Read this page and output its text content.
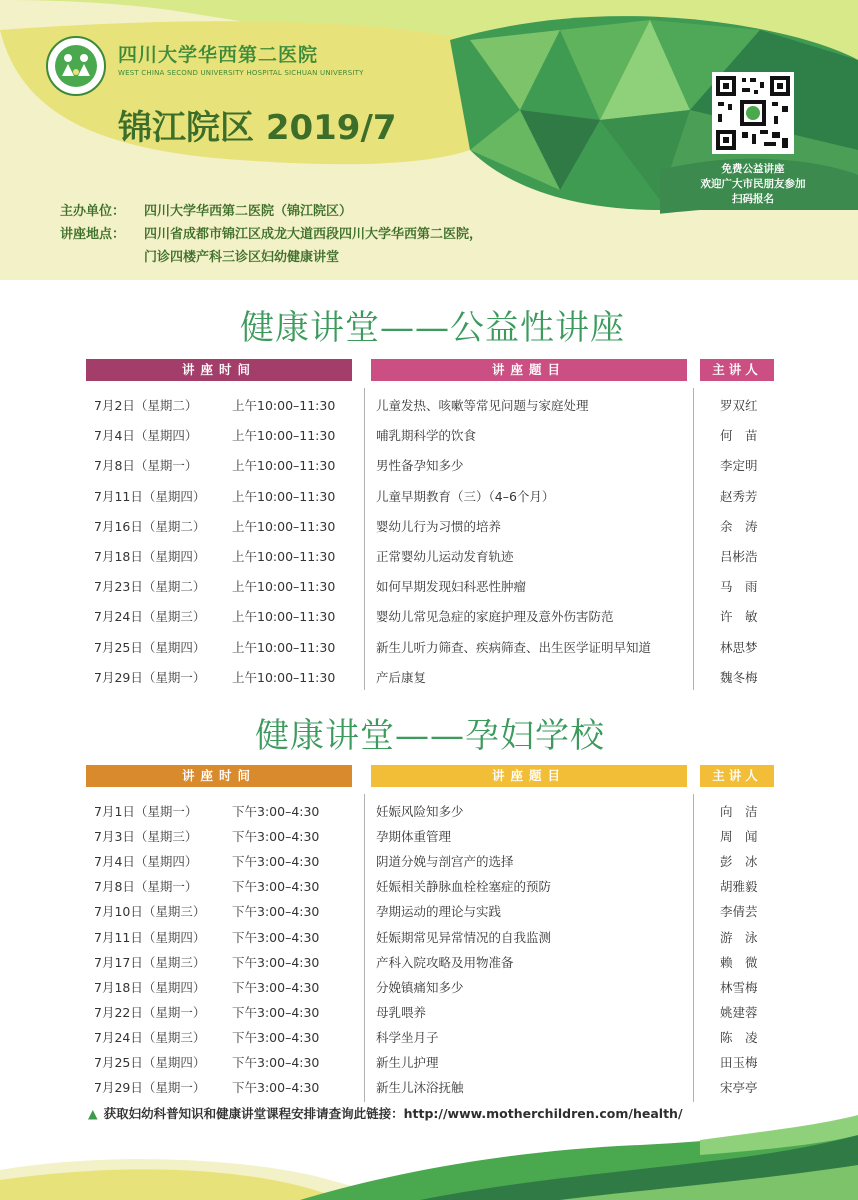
四川大学华西第二医院
WEST CHINA SECOND UNIVERSITY HOSPITAL SICHUAN UNIVERSITY
锦江院区 2019/7
免费公益讲座
欢迎广大市民朋友参加
扫码报名
主办单位：	四川大学华西第二医院（锦江院区）
讲座地点：	四川省成都市锦江区成龙大道西段四川大学华西第二医院，
门诊四楼产科三诊区妇幼健康讲堂
健康讲堂——公益性讲座
讲座时间	讲座题目	主讲人
7月2日（星期二）	上午10:00–11:30	儿童发热、咳嗽等常见问题与家庭处理	罗双红
7月4日（星期四）	上午10:00–11:30	哺乳期科学的饮食	何　苗
7月8日（星期一）	上午10:00–11:30	男性备孕知多少	李定明
7月11日（星期四） 上午10:00–11:30	儿童早期教育（三）（4–6个月）	赵秀芳
7月16日（星期二） 上午10:00–11:30	婴幼儿行为习惯的培养	余　涛
7月18日（星期四） 上午10:00–11:30	正常婴幼儿运动发育轨迹	吕彬浩
7月23日（星期二） 上午10:00–11:30	如何早期发现妇科恶性肿瘤	马　雨
7月24日（星期三） 上午10:00–11:30	婴幼儿常见急症的家庭护理及意外伤害防范	许　敏
7月25日（星期四） 上午10:00–11:30	新生儿听力筛查、疾病筛查、出生医学证明早知道	林思梦
7月29日（星期一） 上午10:00–11:30	产后康复	魏冬梅
健康讲堂——孕妇学校
讲座时间	讲座题目	主讲人
7月1日（星期一）	下午3:00–4:30	妊娠风险知多少	向　洁
7月3日（星期三）	下午3:00–4:30	孕期体重管理	周　闻
7月4日（星期四）	下午3:00–4:30	阴道分娩与剖宫产的选择	彭　冰
7月8日（星期一）	下午3:00–4:30	妊娠相关静脉血栓栓塞症的预防	胡雅毅
7月10日（星期三） 下午3:00–4:30	孕期运动的理论与实践	李倩芸
7月11日（星期四） 下午3:00–4:30	妊娠期常见异常情况的自我监测	游　泳
7月17日（星期三） 下午3:00–4:30	产科入院攻略及用物准备	赖　微
7月18日（星期四） 下午3:00–4:30	分娩镇痛知多少	林雪梅
7月22日（星期一） 下午3:00–4:30	母乳喂养	姚建蓉
7月24日（星期三） 下午3:00–4:30	科学坐月子	陈　凌
7月25日（星期四） 下午3:00–4:30	新生儿护理	田玉梅
7月29日（星期一） 下午3:00–4:30	新生儿沐浴抚触	宋亭亭
▲ 获取妇幼科普知识和健康讲堂课程安排请查询此链接：http://www.motherchildren.com/health/
